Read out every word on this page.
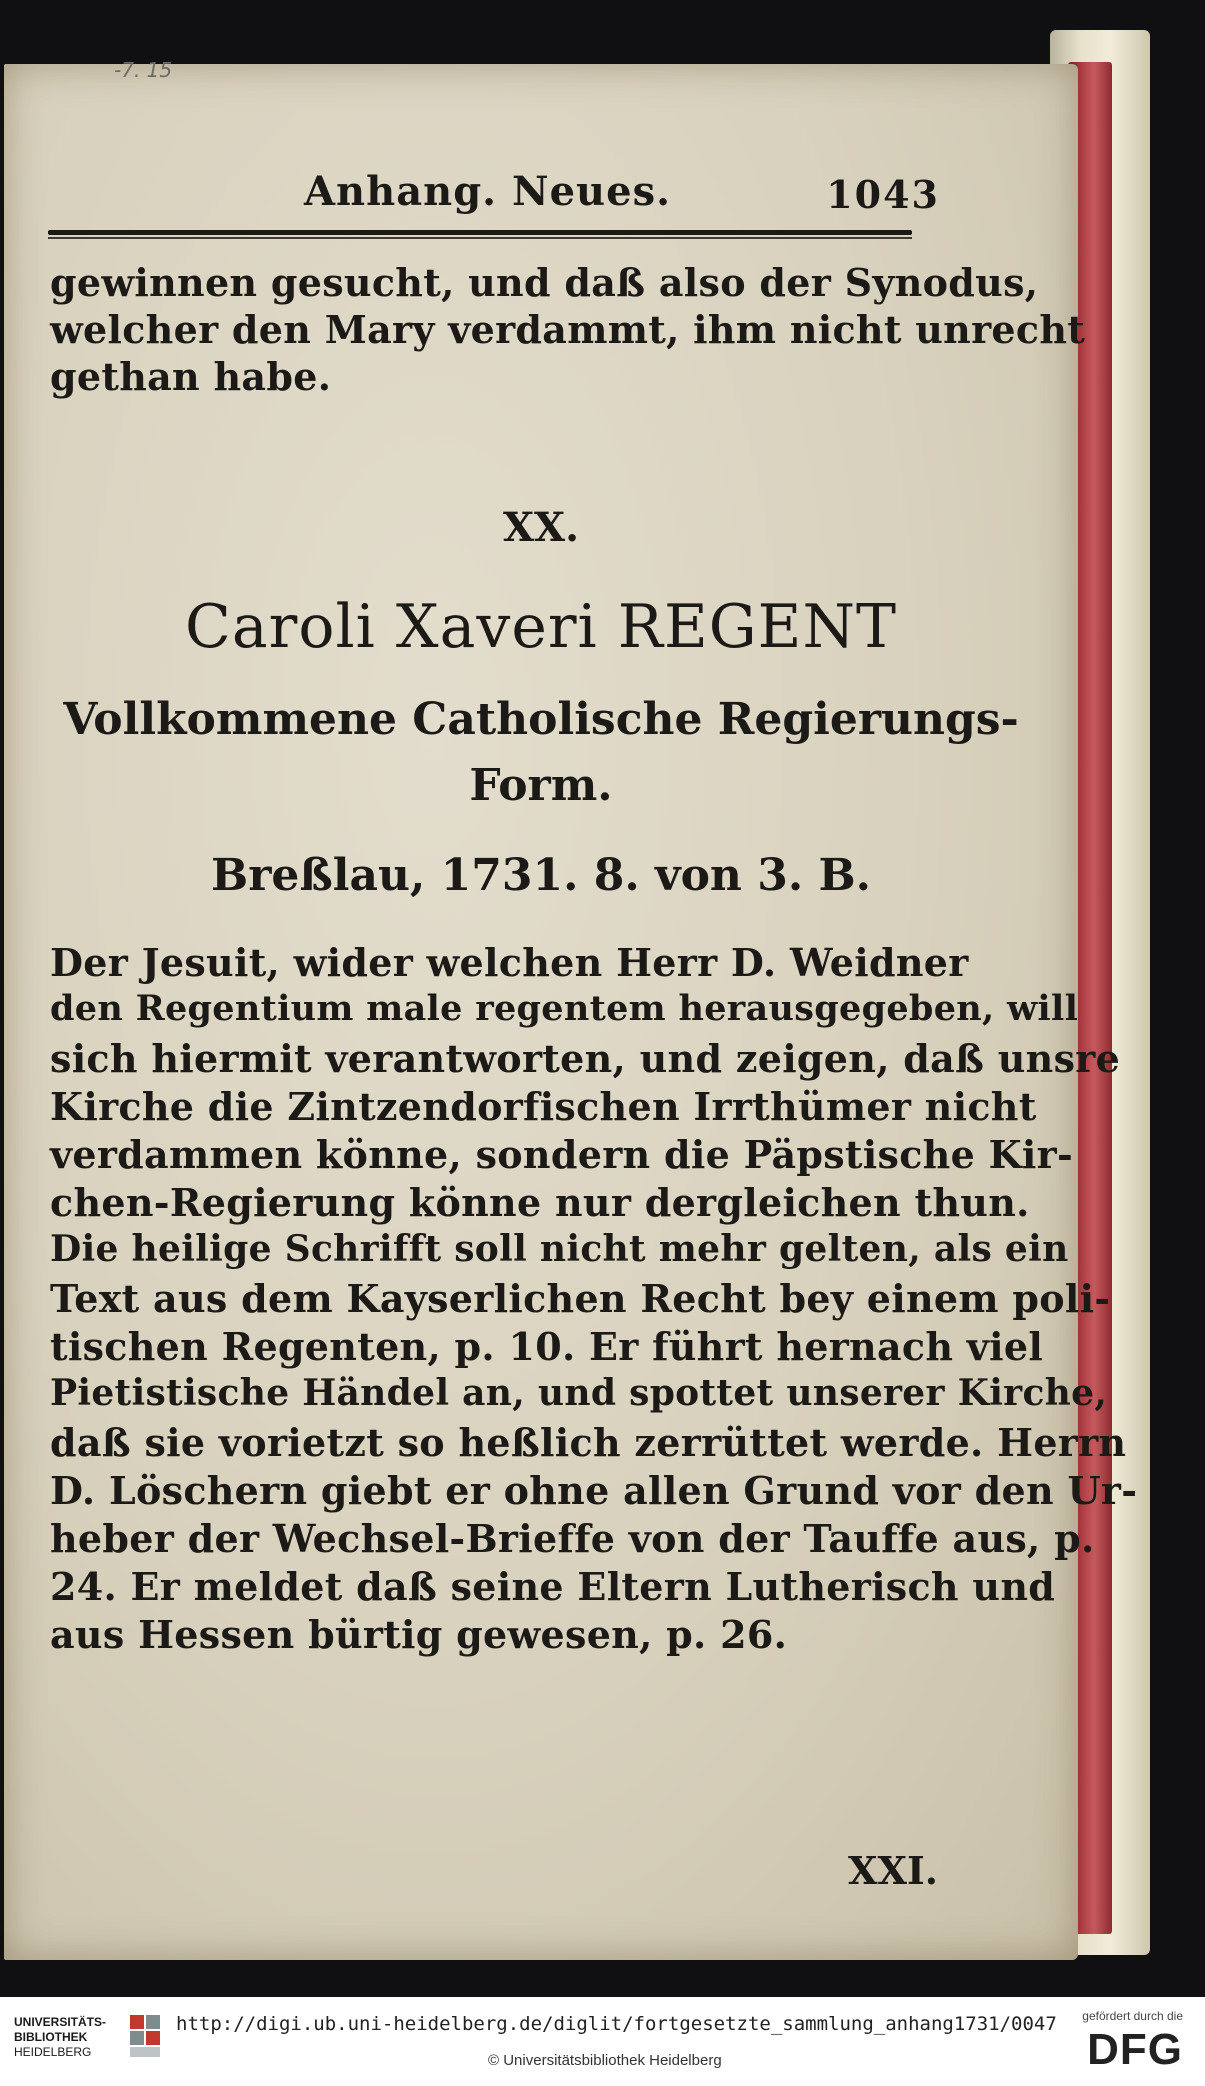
-7. 15
Anhang. Neues.	1043
gewinnen gesucht, und daß also der Synodus,
welcher den Mary verdammt, ihm nicht unrecht
gethan habe.
XX.
Caroli Xaveri REGENT
Vollkommene Catholische Regierungs-
Form.
Breßlau, 1731. 8. von 3. B.
Der Jesuit, wider welchen Herr D. Weidner
den Regentium male regentem herausgegeben, will
sich hiermit verantworten, und zeigen, daß unsre
Kirche die Zintzendorfischen Irrthümer nicht
verdammen könne, sondern die Päpstische Kir-
chen-Regierung könne nur dergleichen thun.
Die heilige Schrifft soll nicht mehr gelten, als ein
Text aus dem Kayserlichen Recht bey einem poli-
tischen Regenten, p. 10. Er führt hernach viel
Pietistische Händel an, und spottet unserer Kirche,
daß sie vorietzt so heßlich zerrüttet werde. Herrn
D. Löschern giebt er ohne allen Grund vor den Ur-
heber der Wechsel-Brieffe von der Tauffe aus, p.
24. Er meldet daß seine Eltern Lutherisch und
aus Hessen bürtig gewesen, p. 26.
XXI.
UNIVERSITÄTS-
BIBLIOTHEK
HEIDELBERG
http://digi.ub.uni-heidelberg.de/diglit/fortgesetzte_sammlung_anhang1731/0047
© Universitätsbibliothek Heidelberg
gefördert durch die
DFG
